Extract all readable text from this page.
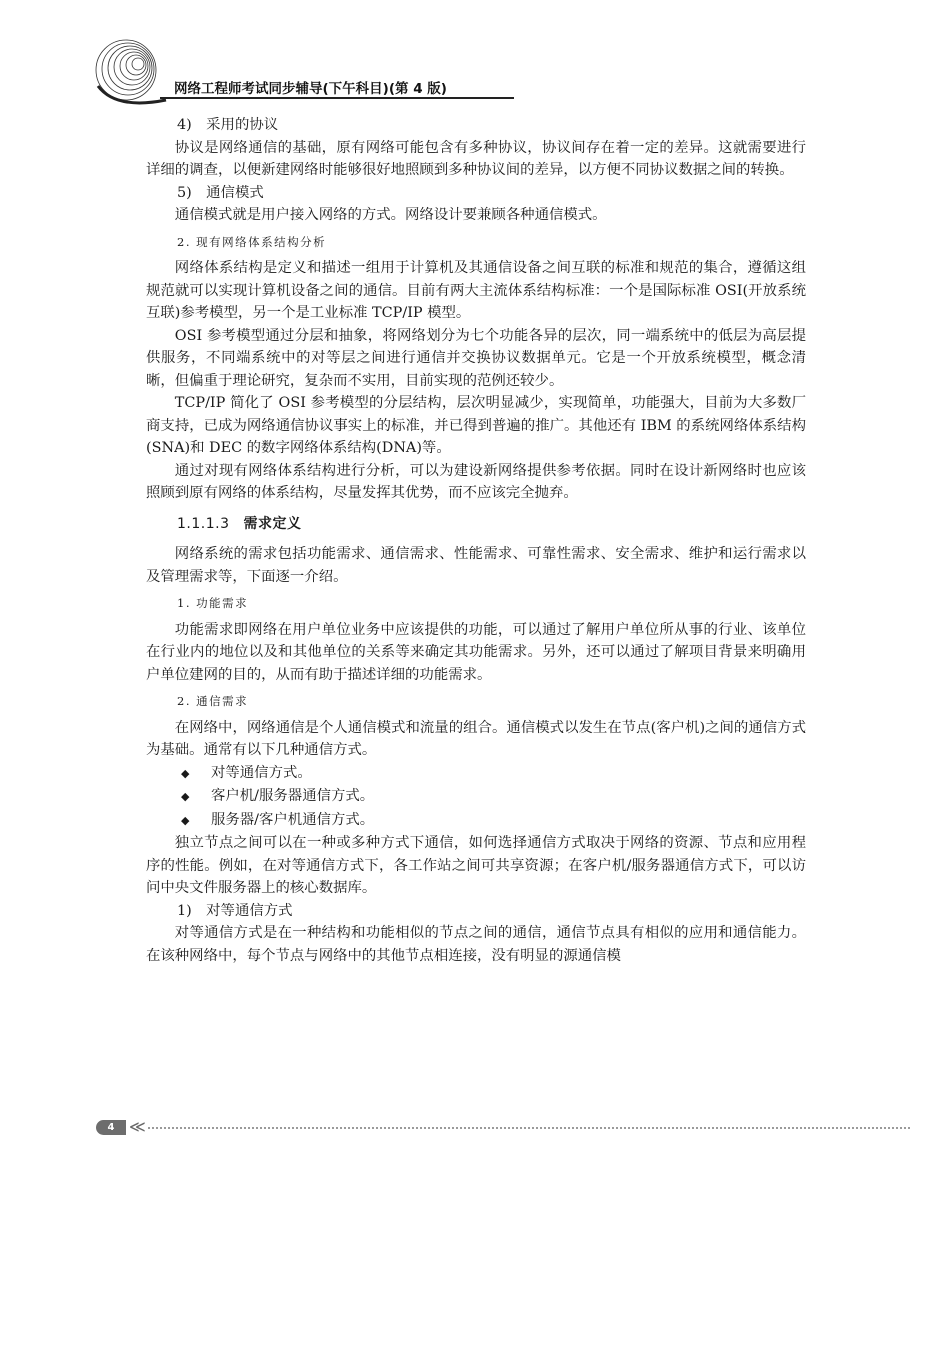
网络工程师考试同步辅导(下午科目)(第 4 版)

4)　采用的协议

协议是网络通信的基础，原有网络可能包含有多种协议，协议间存在着一定的差异。这就需要进行详细的调查，以便新建网络时能够很好地照顾到多种协议间的差异，以方便不同协议数据之间的转换。

5)　通信模式

通信模式就是用户接入网络的方式。网络设计要兼顾各种通信模式。

2. 现有网络体系结构分析

网络体系结构是定义和描述一组用于计算机及其通信设备之间互联的标准和规范的集合，遵循这组规范就可以实现计算机设备之间的通信。目前有两大主流体系结构标准：一个是国际标准 OSI(开放系统互联)参考模型，另一个是工业标准 TCP/IP 模型。

OSI 参考模型通过分层和抽象，将网络划分为七个功能各异的层次，同一端系统中的低层为高层提供服务，不同端系统中的对等层之间进行通信并交换协议数据单元。它是一个开放系统模型，概念清晰，但偏重于理论研究，复杂而不实用，目前实现的范例还较少。

TCP/IP 简化了 OSI 参考模型的分层结构，层次明显减少，实现简单，功能强大，目前为大多数厂商支持，已成为网络通信协议事实上的标准，并已得到普遍的推广。其他还有 IBM 的系统网络体系结构(SNA)和 DEC 的数字网络体系结构(DNA)等。

通过对现有网络体系结构进行分析，可以为建设新网络提供参考依据。同时在设计新网络时也应该照顾到原有网络的体系结构，尽量发挥其优势，而不应该完全抛弃。

1.1.1.3 需求定义

网络系统的需求包括功能需求、通信需求、性能需求、可靠性需求、安全需求、维护和运行需求以及管理需求等，下面逐一介绍。

1. 功能需求

功能需求即网络在用户单位业务中应该提供的功能，可以通过了解用户单位所从事的行业、该单位在行业内的地位以及和其他单位的关系等来确定其功能需求。另外，还可以通过了解项目背景来明确用户单位建网的目的，从而有助于描述详细的功能需求。

2. 通信需求

在网络中，网络通信是个人通信模式和流量的组合。通信模式以发生在节点(客户机)之间的通信方式为基础。通常有以下几种通信方式。

◆ 对等通信方式。

◆ 客户机/服务器通信方式。

◆ 服务器/客户机通信方式。

独立节点之间可以在一种或多种方式下通信，如何选择通信方式取决于网络的资源、节点和应用程序的性能。例如，在对等通信方式下，各工作站之间可共享资源；在客户机/服务器通信方式下，可以访问中央文件服务器上的核心数据库。

1)　对等通信方式

对等通信方式是在一种结构和功能相似的节点之间的通信，通信节点具有相似的应用和通信能力。在该种网络中，每个节点与网络中的其他节点相连接，没有明显的源通信模

4 ≪
